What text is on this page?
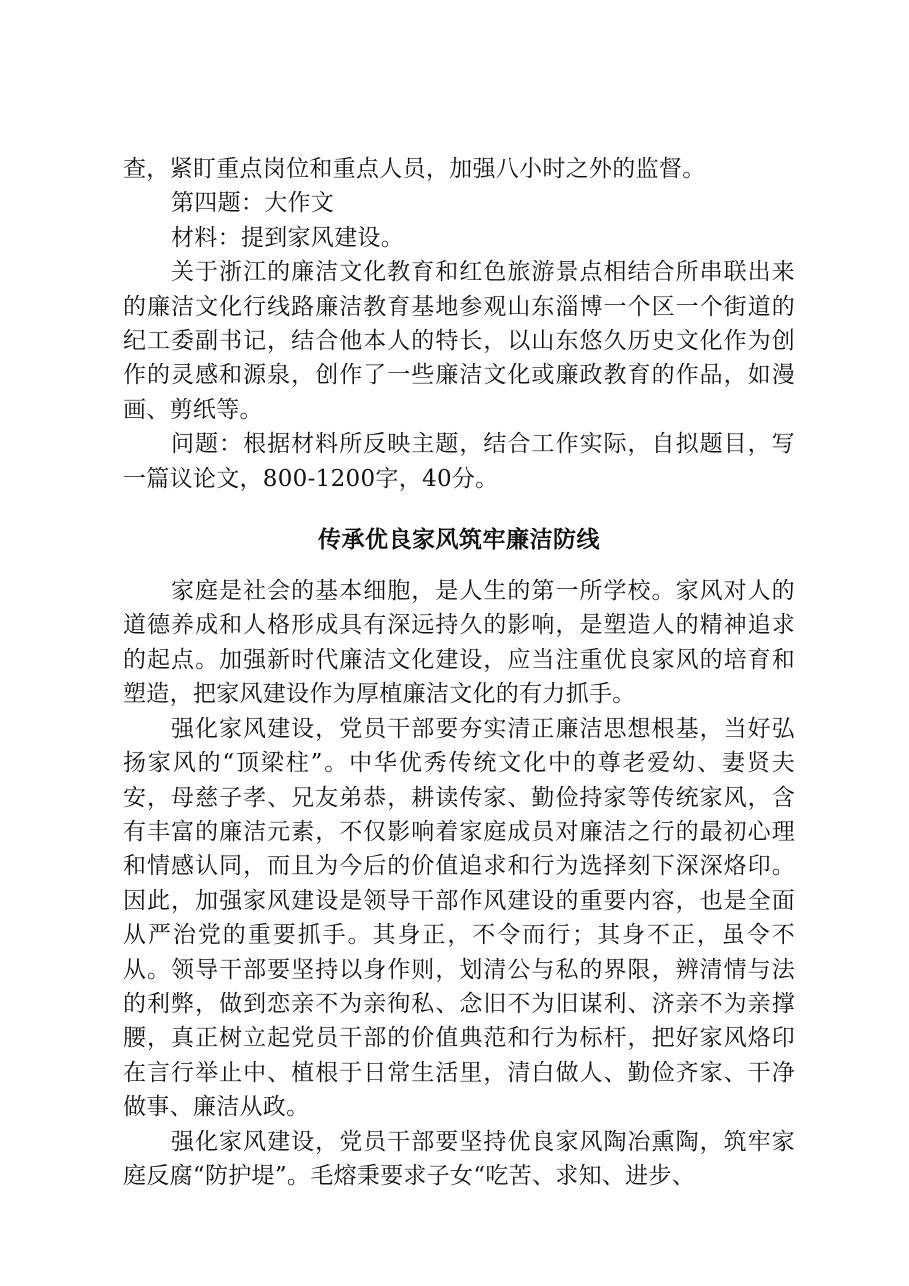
查，紧盯重点岗位和重点人员，加强八小时之外的监督。

第四题：大作文

材料：提到家风建设。

关于浙江的廉洁文化教育和红色旅游景点相结合所串联出来的廉洁文化行线路廉洁教育基地参观山东淄博一个区一个街道的纪工委副书记，结合他本人的特长，以山东悠久历史文化作为创作的灵感和源泉，创作了一些廉洁文化或廉政教育的作品，如漫画、剪纸等。

问题：根据材料所反映主题，结合工作实际，自拟题目，写一篇议论文，800-1200字，40分。

传承优良家风筑牢廉洁防线

家庭是社会的基本细胞，是人生的第一所学校。家风对人的道德养成和人格形成具有深远持久的影响，是塑造人的精神追求的起点。加强新时代廉洁文化建设，应当注重优良家风的培育和塑造，把家风建设作为厚植廉洁文化的有力抓手。

强化家风建设，党员干部要夯实清正廉洁思想根基，当好弘扬家风的“顶梁柱”。中华优秀传统文化中的尊老爱幼、妻贤夫安，母慈子孝、兄友弟恭，耕读传家、勤俭持家等传统家风，含有丰富的廉洁元素，不仅影响着家庭成员对廉洁之行的最初心理和情感认同，而且为今后的价值追求和行为选择刻下深深烙印。因此，加强家风建设是领导干部作风建设的重要内容，也是全面从严治党的重要抓手。其身正，不令而行；其身不正，虽令不从。领导干部要坚持以身作则，划清公与私的界限，辨清情与法的利弊，做到恋亲不为亲徇私、念旧不为旧谋利、济亲不为亲撑腰，真正树立起党员干部的价值典范和行为标杆，把好家风烙印在言行举止中、植根于日常生活里，清白做人、勤俭齐家、干净做事、廉洁从政。

强化家风建设，党员干部要坚持优良家风陶冶熏陶，筑牢家庭反腐“防护堤”。毛熔秉要求子女“吃苦、求知、进步、
